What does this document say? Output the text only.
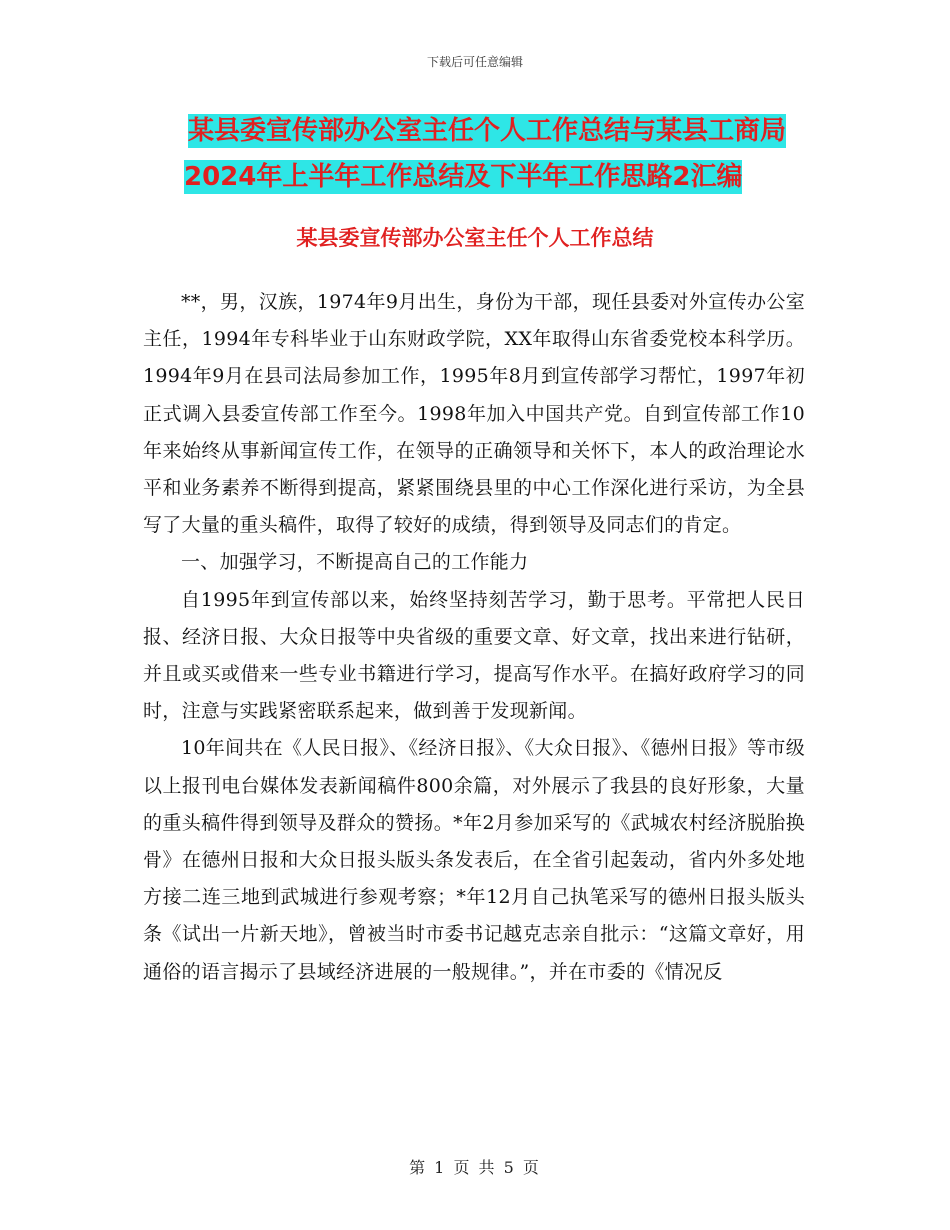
下载后可任意编辑
某县委宣传部办公室主任个人工作总结与某县工商局
2024年上半年工作总结及下半年工作思路2汇编
某县委宣传部办公室主任个人工作总结

**，男，汉族，1974年9月出生，身份为干部，现任县委对外宣传办公室主任，1994年专科毕业于山东财政学院，XX年取得山东省委党校本科学历。1994年9月在县司法局参加工作，1995年8月到宣传部学习帮忙，1997年初正式调入县委宣传部工作至今。1998年加入中国共产党。自到宣传部工作10年来始终从事新闻宣传工作，在领导的正确领导和关怀下，本人的政治理论水平和业务素养不断得到提高，紧紧围绕县里的中心工作深化进行采访，为全县写了大量的重头稿件，取得了较好的成绩，得到领导及同志们的肯定。

一、加强学习，不断提高自己的工作能力

自1995年到宣传部以来，始终坚持刻苦学习，勤于思考。平常把人民日报、经济日报、大众日报等中央省级的重要文章、好文章，找出来进行钻研，并且或买或借来一些专业书籍进行学习，提高写作水平。在搞好政府学习的同时，注意与实践紧密联系起来，做到善于发现新闻。

10年间共在《人民日报》、《经济日报》、《大众日报》、《德州日报》等市级以上报刊电台媒体发表新闻稿件800余篇，对外展示了我县的良好形象，大量的重头稿件得到领导及群众的赞扬。*年2月参加采写的《武城农村经济脱胎换骨》在德州日报和大众日报头版头条发表后，在全省引起轰动，省内外多处地方接二连三地到武城进行参观考察；*年12月自己执笔采写的德州日报头版头条《试出一片新天地》，曾被当时市委书记越克志亲自批示：“这篇文章好，用通俗的语言揭示了县域经济进展的一般规律。”，并在市委的《情况反

第 1 页 共 5 页
